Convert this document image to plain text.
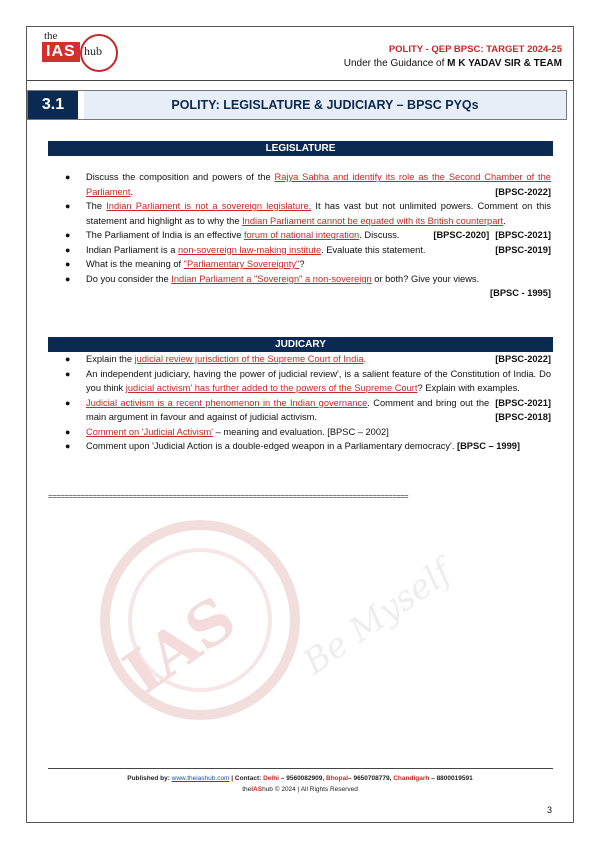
the
IAS hub	POLITY - QEP BPSC: TARGET 2024-25
Under the Guidance of M K YADAV SIR & TEAM
3.1	POLITY: LEGISLATURE & JUDICIARY – BPSC PYQs
LEGISLATURE
● Discuss the composition and powers of the Rajya Sabha and identify its role as the Second Chamber of the Parliament.	[BPSC-2022]
● The Indian Parliament is not a sovereign legislature. It has vast but not unlimited powers. Comment on this statement and highlight as to why the Indian Parliament cannot be equated with its British counterpart.
[BPSC-2021]
● The Parliament of India is an effective forum of national integration. Discuss.	[BPSC-2020]
● Indian Parliament is a non-sovereign law-making institute. Evaluate this statement.	[BPSC-2019]
● What is the meaning of "Parliamentary Sovereignty"?
● Do you consider the Indian Parliament a "Sovereign" a non-sovereign or both? Give your views.
[BPSC - 1995]
JUDICARY
● Explain the judicial review jurisdiction of the Supreme Court of India.	[BPSC-2022]
● An independent judiciary, having the power of judicial review', is a salient feature of the Constitution of India. Do you think judicial activism' has further added to the powers of the Supreme Court? Explain with examples.
[BPSC-2021]
● Judicial activism is a recent phenomenon in the Indian governance. Comment and bring out the main argument in favour and against of judicial activism.	[BPSC-2018]
● Comment on 'Judicial Activism' – meaning and evaluation. [BPSC – 2002]
● Comment upon 'Judicial Action is a double-edged weapon in a Parliamentary democracy'. [BPSC – 1999]
==========================================================================================
IAS Be Myself
Published by: www.theiashub.com | Contact: Delhi – 9560082909, Bhopal– 9650708779, Chandigarh – 8800019591
theIAShub © 2024 | All Rights Reserved
3
